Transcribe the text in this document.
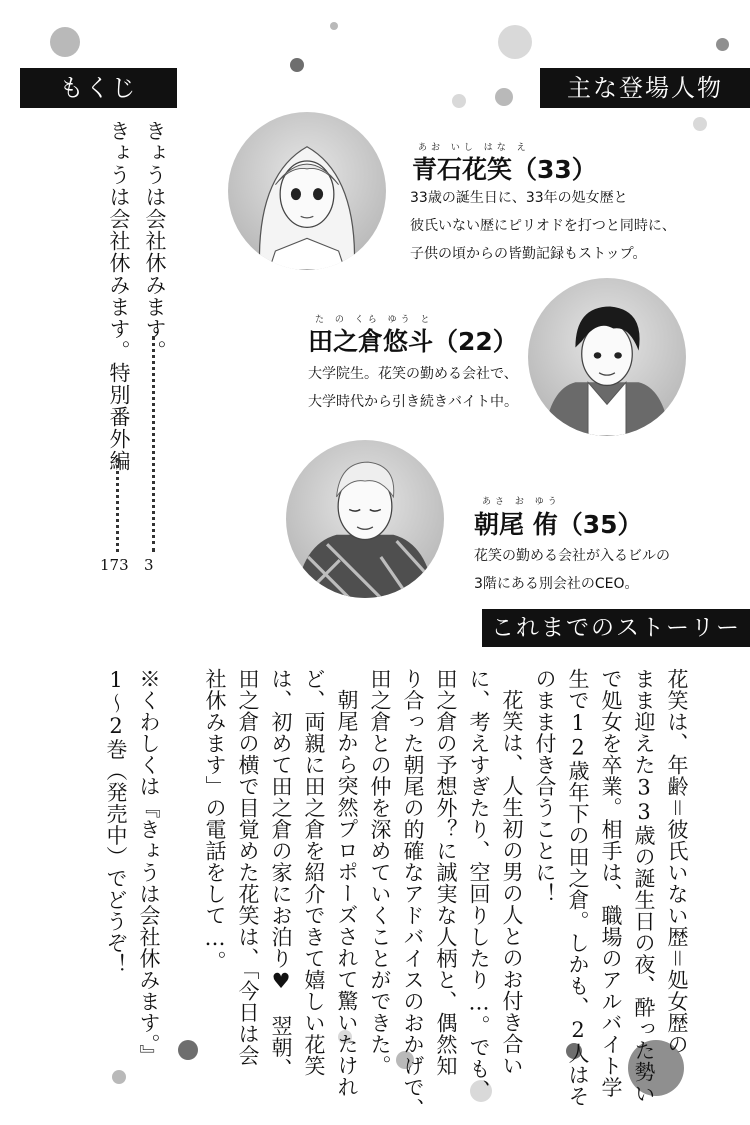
もくじ
きょうは会社休みます。
3
きょうは会社休みます。特別番外編
173
主な登場人物
あお いし はな え
青石花笑（33）
33歳の誕生日に、33年の処女歴と
彼氏いない歴にピリオドを打つと同時に、
子供の頃からの皆勤記録もストップ。
た の くら ゆう と
田之倉悠斗（22）
大学院生。花笑の勤める会社で、
大学時代から引き続きバイト中。
あさ お ゆう
朝尾 侑（35）
花笑の勤める会社が入るビルの
3階にある別会社のCEO。
これまでのストーリー
花笑は、年齢＝彼氏いない歴＝処女歴の
まま迎えた33歳の誕生日の夜、酔った勢い
で処女を卒業。相手は、職場のアルバイト学
生で12歳年下の田之倉。しかも、2人はそ
のまま付き合うことに！
花笑は、人生初の男の人とのお付き合い
に、考えすぎたり、空回りしたり…。でも、
田之倉の予想外？に誠実な人柄と、偶然知
り合った朝尾の的確なアドバイスのおかげで、
田之倉との仲を深めていくことができた。
朝尾から突然プロポーズされて驚いたけれ
ど、両親に田之倉を紹介できて嬉しい花笑
は、初めて田之倉の家にお泊り♥　翌朝、
田之倉の横で目覚めた花笑は、「今日は会
社休みます」の電話をして…。
※くわしくは『きょうは会社休みます。』
1〜2巻（発売中）でどうぞ！
